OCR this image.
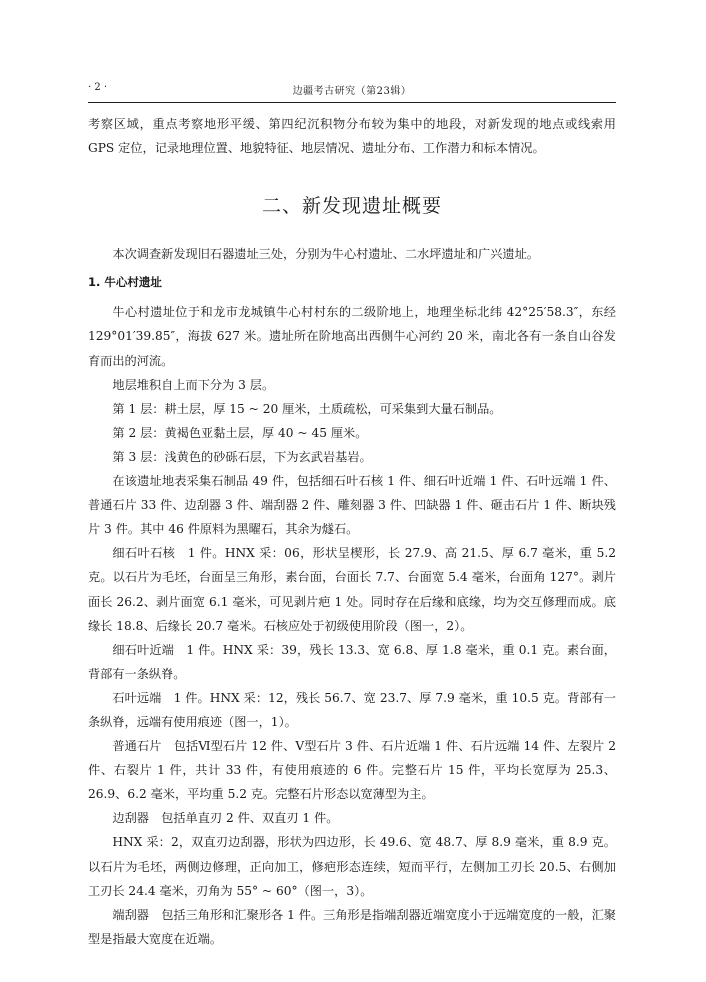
· 2 ·	边疆考古研究（第23辑）

考察区域，重点考察地形平缓、第四纪沉积物分布较为集中的地段，对新发现的地点或线索用 GPS 定位，记录地理位置、地貌特征、地层情况、遗址分布、工作潜力和标本情况。

二、新发现遗址概要

本次调查新发现旧石器遗址三处，分别为牛心村遗址、二水坪遗址和广兴遗址。

1. 牛心村遗址

牛心村遗址位于和龙市龙城镇牛心村村东的二级阶地上，地理坐标北纬 42°25′58.3″，东经 129°01′39.85″，海拔 627 米。遗址所在阶地高出西侧牛心河约 20 米，南北各有一条自山谷发育而出的河流。

地层堆积自上而下分为 3 层。

第 1 层：耕土层，厚 15 ~ 20 厘米，土质疏松，可采集到大量石制品。

第 2 层：黄褐色亚黏土层，厚 40 ~ 45 厘米。

第 3 层：浅黄色的砂砾石层，下为玄武岩基岩。

在该遗址地表采集石制品 49 件，包括细石叶石核 1 件、细石叶近端 1 件、石叶远端 1 件、普通石片 33 件、边刮器 3 件、端刮器 2 件、雕刻器 3 件、凹缺器 1 件、砸击石片 1 件、断块残片 3 件。其中 46 件原料为黑曜石，其余为燧石。

细石叶石核　1 件。HNX 采：06，形状呈楔形，长 27.9、高 21.5、厚 6.7 毫米，重 5.2 克。以石片为毛坯，台面呈三角形，素台面，台面长 7.7、台面宽 5.4 毫米，台面角 127°。剥片面长 26.2、剥片面宽 6.1 毫米，可见剥片疤 1 处。同时存在后缘和底缘，均为交互修理而成。底缘长 18.8、后缘长 20.7 毫米。石核应处于初级使用阶段（图一，2）。

细石叶近端　1 件。HNX 采：39，残长 13.3、宽 6.8、厚 1.8 毫米，重 0.1 克。素台面，背部有一条纵脊。

石叶远端　1 件。HNX 采：12，残长 56.7、宽 23.7、厚 7.9 毫米，重 10.5 克。背部有一条纵脊，远端有使用痕迹（图一，1）。

普通石片　包括Ⅵ型石片 12 件、Ⅴ型石片 3 件、石片近端 1 件、石片远端 14 件、左裂片 2 件、右裂片 1 件，共计 33 件，有使用痕迹的 6 件。完整石片 15 件，平均长宽厚为 25.3、26.9、6.2 毫米，平均重 5.2 克。完整石片形态以宽薄型为主。

边刮器　包括单直刃 2 件、双直刃 1 件。

HNX 采：2，双直刃边刮器，形状为四边形，长 49.6、宽 48.7、厚 8.9 毫米，重 8.9 克。以石片为毛坯，两侧边修理，正向加工，修疤形态连续，短而平行，左侧加工刃长 20.5、右侧加工刃长 24.4 毫米，刃角为 55° ~ 60°（图一，3）。

端刮器　包括三角形和汇聚形各 1 件。三角形是指端刮器近端宽度小于远端宽度的一般，汇聚型是指最大宽度在近端。
